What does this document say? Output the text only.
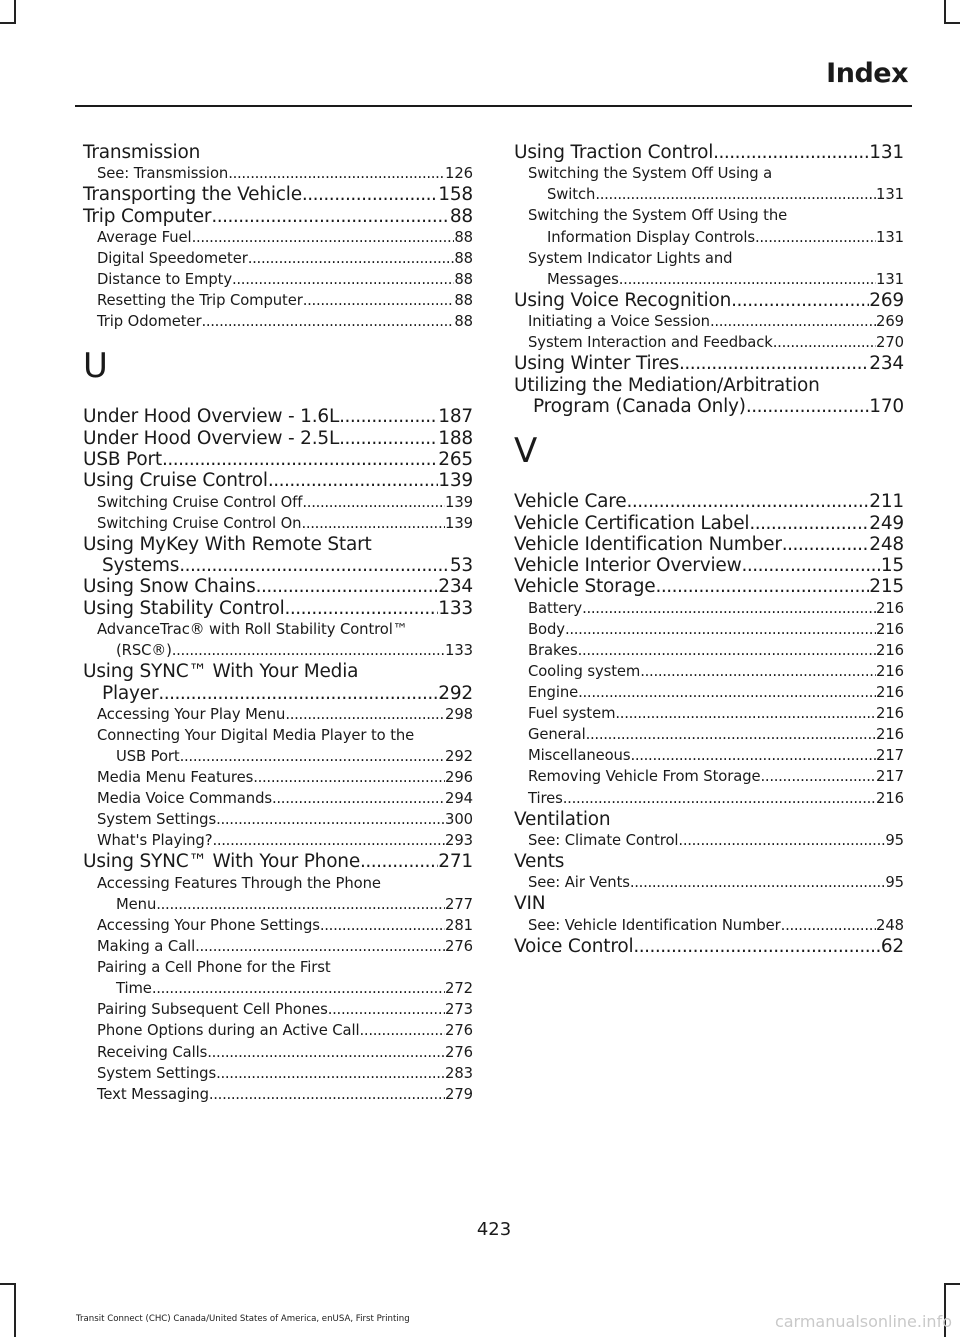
Index
Transmission
See: Transmission .....	126
Transporting the Vehicle .....	158
Trip Computer .....	88
Average Fuel .....	88
Digital Speedometer .....	88
Distance to Empty .....	88
Resetting the Trip Computer .....	88
Trip Odometer .....	88
U
Under Hood Overview - 1.6L .....	187
Under Hood Overview - 2.5L .....	188
USB Port .....	265
Using Cruise Control .....	139
Switching Cruise Control Off .....	139
Switching Cruise Control On .....	139
Using MyKey With Remote Start
Systems .....	53
Using Snow Chains .....	234
Using Stability Control .....	133
AdvanceTrac® with Roll Stability Control™
(RSC®) .....	133
Using SYNC™ With Your Media
Player .....	292
Accessing Your Play Menu .....	298
Connecting Your Digital Media Player to the
USB Port .....	292
Media Menu Features .....	296
Media Voice Commands .....	294
System Settings .....	300
What's Playing? .....	293
Using SYNC™ With Your Phone .....	271
Accessing Features Through the Phone
Menu .....	277
Accessing Your Phone Settings .....	281
Making a Call .....	276
Pairing a Cell Phone for the First
Time .....	272
Pairing Subsequent Cell Phones .....	273
Phone Options during an Active Call .....	276
Receiving Calls .....	276
System Settings .....	283
Text Messaging .....	279
Using Traction Control .....	131
Switching the System Off Using a
Switch .....	131
Switching the System Off Using the
Information Display Controls .....	131
System Indicator Lights and
Messages .....	131
Using Voice Recognition .....	269
Initiating a Voice Session .....	269
System Interaction and Feedback .....	270
Using Winter Tires .....	234
Utilizing the Mediation/Arbitration
Program (Canada Only) .....	170
V
Vehicle Care .....	211
Vehicle Certification Label .....	249
Vehicle Identification Number .....	248
Vehicle Interior Overview .....	15
Vehicle Storage .....	215
Battery .....	216
Body .....	216
Brakes .....	216
Cooling system .....	216
Engine .....	216
Fuel system .....	216
General .....	216
Miscellaneous .....	217
Removing Vehicle From Storage .....	217
Tires .....	216
Ventilation
See: Climate Control .....	95
Vents
See: Air Vents .....	95
VIN
See: Vehicle Identification Number .....	248
Voice Control .....	62
423
Transit Connect (CHC) Canada/United States of America, enUSA, First Printing	carmanualsonline.info
